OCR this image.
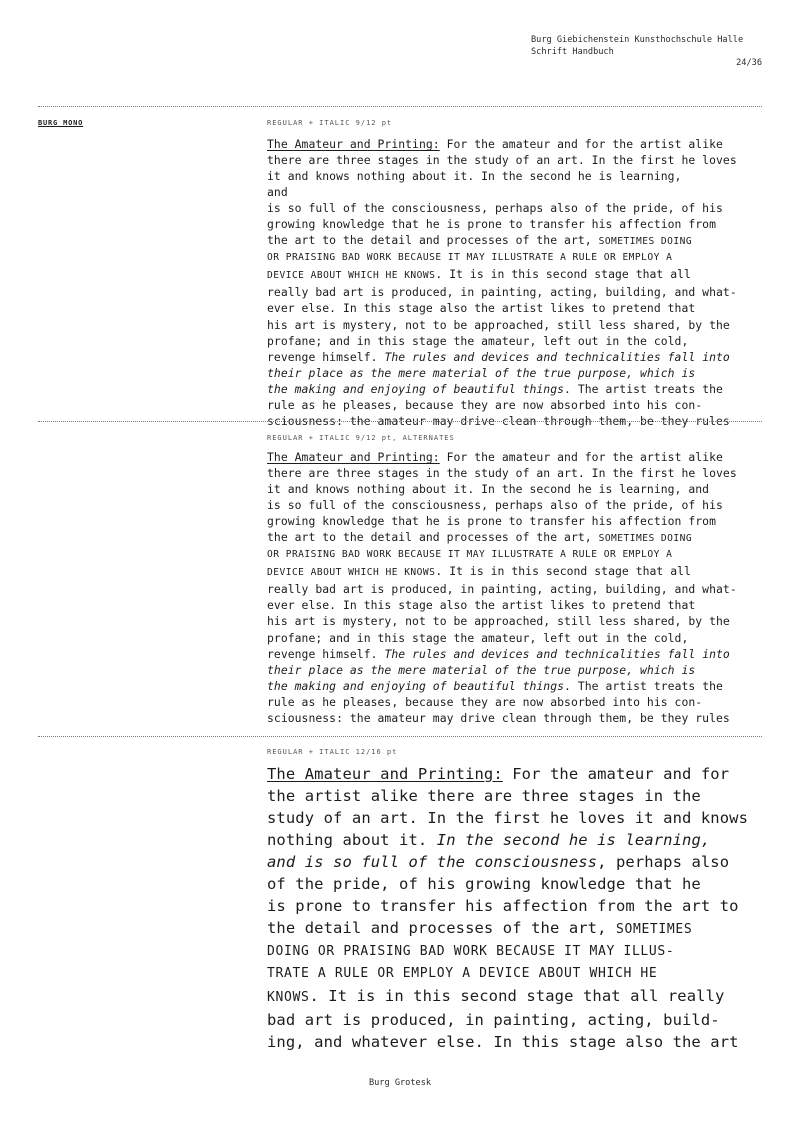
Burg Giebichenstein Kunsthochschule Halle
Schrift Handbuch
24/36
BURG MONO	REGULAR + ITALIC 9/12 pt
The Amateur and Printing: For the amateur and for the artist alike
there are three stages in the study of an art. In the first he loves
it and knows nothing about it. In the second he is learning,
and
is so full of the consciousness, perhaps also of the pride, of his
growing knowledge that he is prone to transfer his affection from
the art to the detail and processes of the art, SOMETIMES DOING
OR PRAISING BAD WORK BECAUSE IT MAY ILLUSTRATE A RULE OR EMPLOY A
DEVICE ABOUT WHICH HE KNOWS. It is in this second stage that all
really bad art is produced, in painting, acting, building, and what-
ever else. In this stage also the artist likes to pretend that
his art is mystery, not to be approached, still less shared, by the
profane; and in this stage the amateur, left out in the cold,
revenge himself. The rules and devices and technicalities fall into
their place as the mere material of the true purpose, which is
the making and enjoying of beautiful things. The artist treats the
rule as he pleases, because they are now absorbed into his con-
sciousness: the amateur may drive clean through them, be they rules
REGULAR + ITALIC 9/12 pt, ALTERNATES
The Amateur and Printing: For the amateur and for the artist alike
there are three stages in the study of an art. In the first he loves
it and knows nothing about it. In the second he is learning, and
is so full of the consciousness, perhaps also of the pride, of his
growing knowledge that he is prone to transfer his affection from
the art to the detail and processes of the art, SOMETIMES DOING
OR PRAISING BAD WORK BECAUSE IT MAY ILLUSTRATE A RULE OR EMPLOY A
DEVICE ABOUT WHICH HE KNOWS. It is in this second stage that all
really bad art is produced, in painting, acting, building, and what-
ever else. In this stage also the artist likes to pretend that
his art is mystery, not to be approached, still less shared, by the
profane; and in this stage the amateur, left out in the cold,
revenge himself. The rules and devices and technicalities fall into
their place as the mere material of the true purpose, which is
the making and enjoying of beautiful things. The artist treats the
rule as he pleases, because they are now absorbed into his con-
sciousness: the amateur may drive clean through them, be they rules
REGULAR + ITALIC 12/16 pt
The Amateur and Printing: For the amateur and for
the artist alike there are three stages in the
study of an art. In the first he loves it and knows
nothing about it. In the second he is learning,
and is so full of the consciousness, perhaps also
of the pride, of his growing knowledge that he
is prone to transfer his affection from the art to
the detail and processes of the art, SOMETIMES
DOING OR PRAISING BAD WORK BECAUSE IT MAY ILLUS-
TRATE A RULE OR EMPLOY A DEVICE ABOUT WHICH HE
KNOWS. It is in this second stage that all really
bad art is produced, in painting, acting, build-
ing, and whatever else. In this stage also the art
Burg Grotesk
